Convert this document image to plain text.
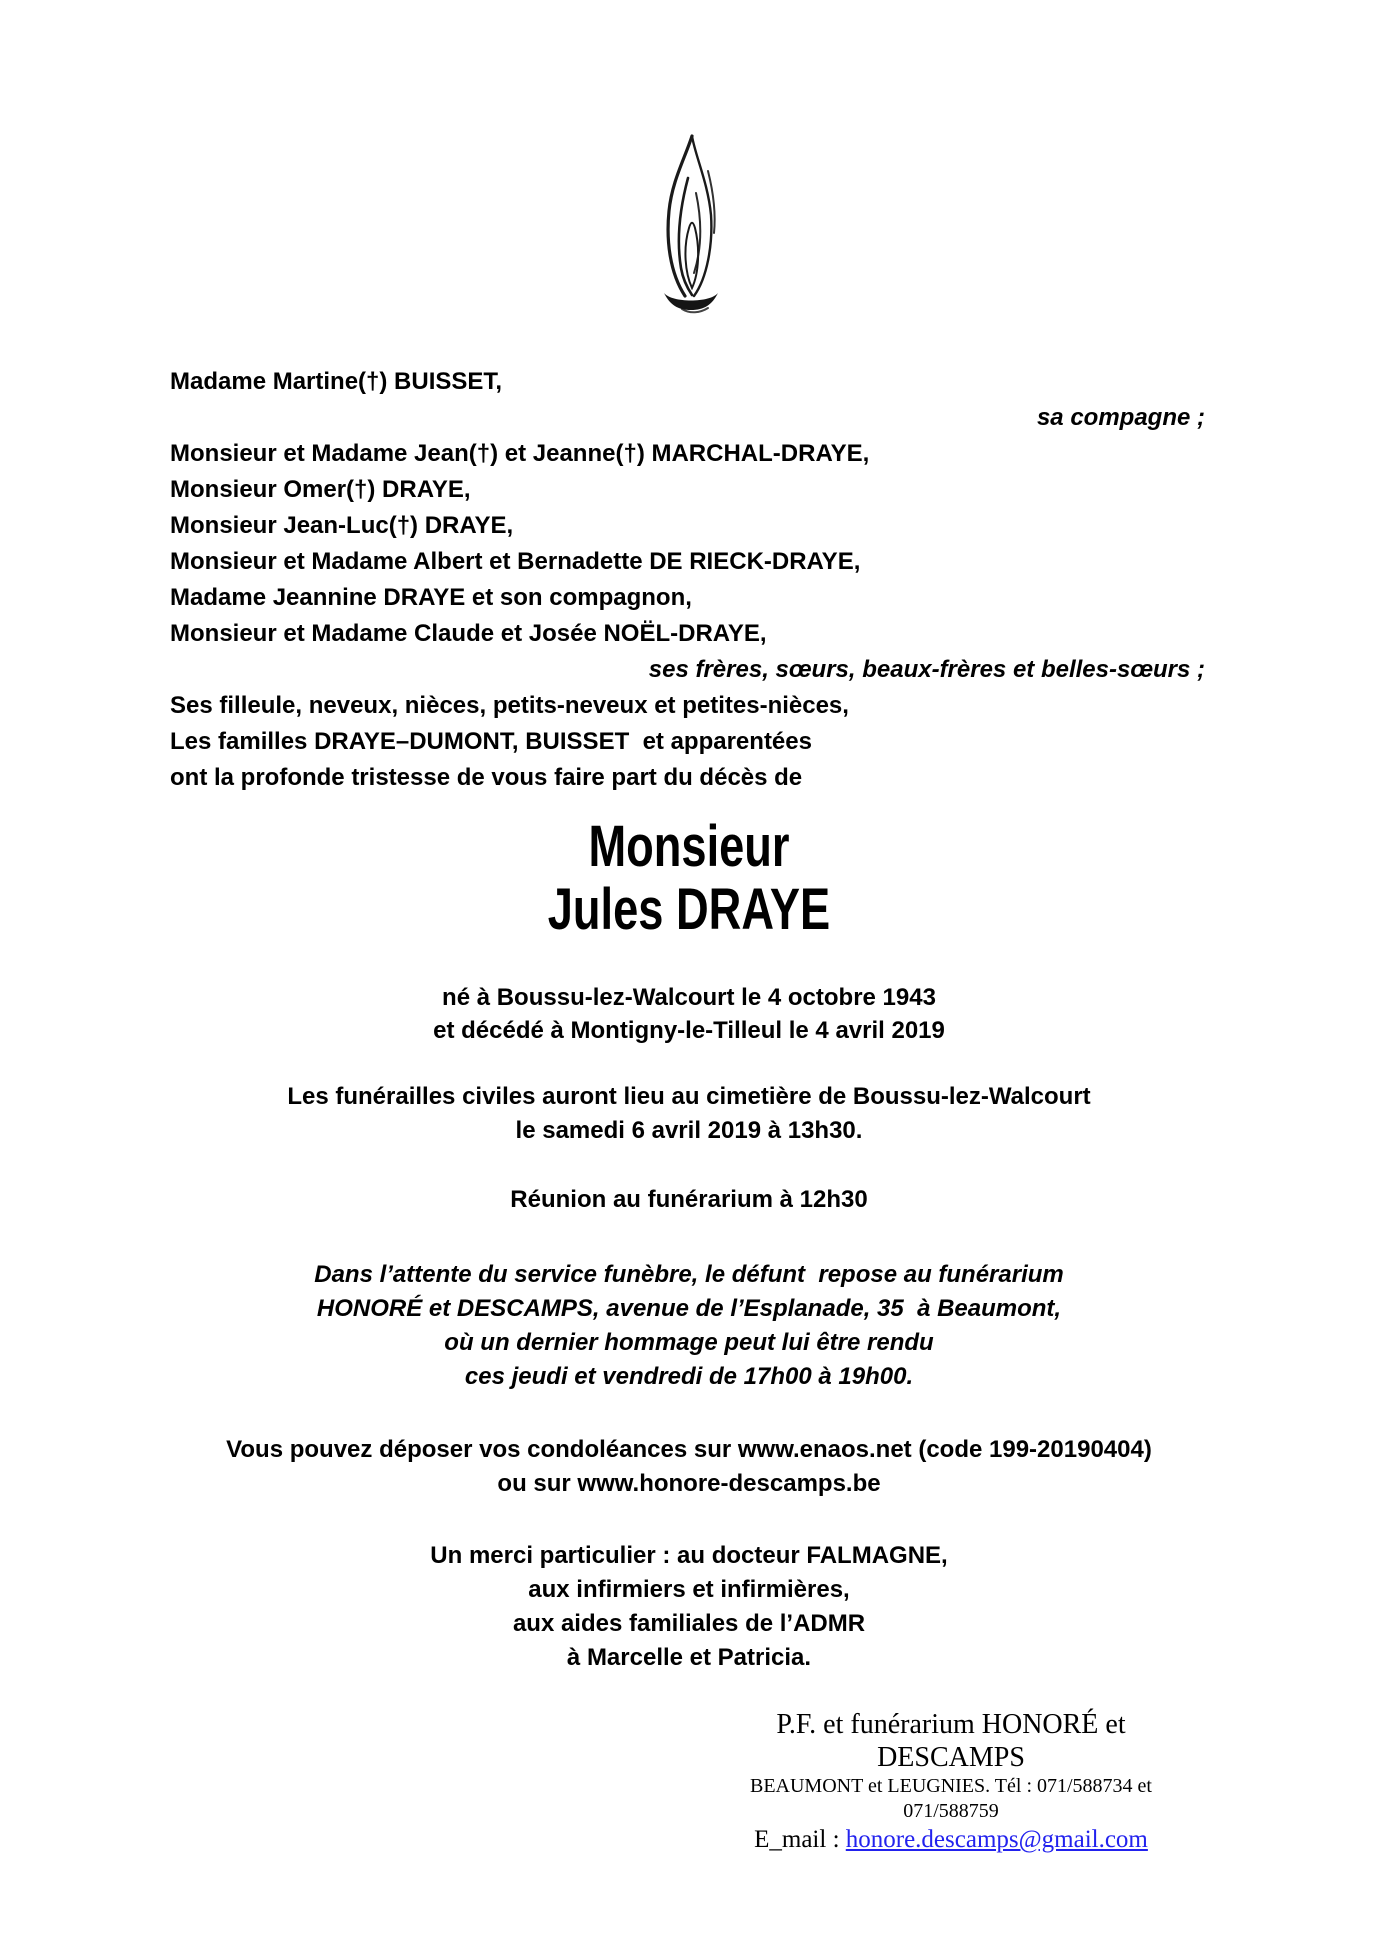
Madame Martine(†) BUISSET,
sa compagne ;
Monsieur et Madame Jean(†) et Jeanne(†) MARCHAL-DRAYE,
Monsieur Omer(†) DRAYE,
Monsieur Jean-Luc(†) DRAYE,
Monsieur et Madame Albert et Bernadette DE RIECK-DRAYE,
Madame Jeannine DRAYE et son compagnon,
Monsieur et Madame Claude et Josée NOËL-DRAYE,
ses frères, sœurs, beaux-frères et belles-sœurs ;
Ses filleule, neveux, nièces, petits-neveux et petites-nièces,
Les familles DRAYE–DUMONT, BUISSET  et apparentées
ont la profonde tristesse de vous faire part du décès de
Monsieur
Jules DRAYE
né à Boussu-lez-Walcourt le 4 octobre 1943
et décédé à Montigny-le-Tilleul le 4 avril 2019
Les funérailles civiles auront lieu au cimetière de Boussu-lez-Walcourt
le samedi 6 avril 2019 à 13h30.
Réunion au funérarium à 12h30
Dans l’attente du service funèbre, le défunt  repose au funérarium
HONORÉ et DESCAMPS, avenue de l’Esplanade, 35  à Beaumont,
où un dernier hommage peut lui être rendu
ces jeudi et vendredi de 17h00 à 19h00.
Vous pouvez déposer vos condoléances sur www.enaos.net (code 199-20190404)
ou sur www.honore-descamps.be
Un merci particulier : au docteur FALMAGNE,
aux infirmiers et infirmières,
aux aides familiales de l’ADMR
à Marcelle et Patricia.
P.F. et funérarium HONORÉ et DESCAMPS
BEAUMONT et LEUGNIES. Tél : 071/588734 et 071/588759
E_mail : honore.descamps@gmail.com
